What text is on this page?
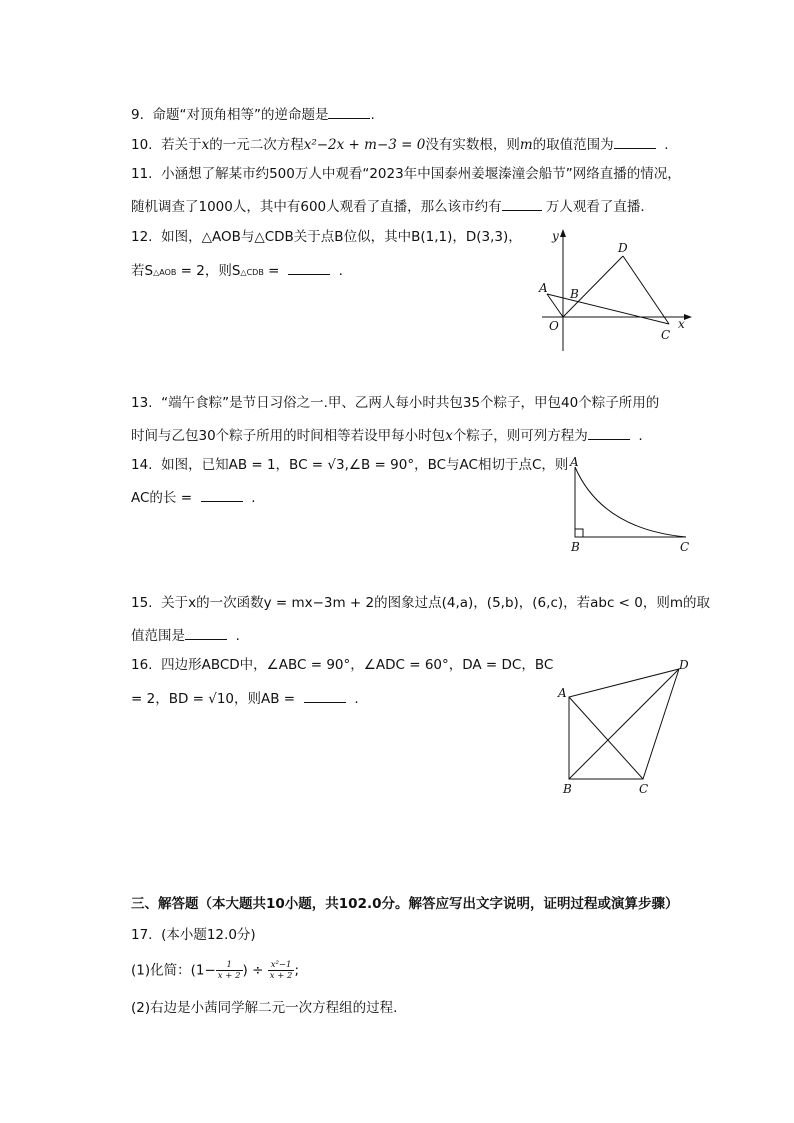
9. 命题“对顶角相等”的逆命题是	.
10. 若关于x的一元二次方程x²−2x + m−3 = 0没有实数根，则m的取值范围为	.
11. 小涵想了解某市约500万人中观看“2023年中国泰州姜堰溱潼会船节”网络直播的情况，
随机调查了1000人，其中有600人观看了直播，那么该市约有	万人观看了直播.
12. 如图，△AOB与△CDB关于点B位似，其中B(1,1)，D(3,3)，
若S△AOB = 2，则S△CDB =	.
y
x
D
A B
O
C
13. “端午食粽”是节日习俗之一.甲、乙两人每小时共包35个粽子，甲包40个粽子所用的
时间与乙包30个粽子所用的时间相等若设甲每小时包x个粽子，则可列方程为	.
14. 如图，已知AB = 1，BC = √3,∠B = 90°，BC与AC相切于点C，则
AC的长 =	.
A
B	C
15. 关于x的一次函数y = mx−3m + 2的图象过点(4,a)，(5,b)，(6,c)，若abc < 0，则m的取
值范围是	.
16. 四边形ABCD中，∠ABC = 90°，∠ADC = 60°，DA = DC，BC
= 2，BD = √10，则AB =	.	A
B	C
D
三、解答题（本大题共10小题，共102.0分。解答应写出文字说明，证明过程或演算步骤）
17. (本小题12.0分)
(1)化简：($1- \frac{1}{x + 2}$ ) ÷ $\frac{\text{x²−1}}{x + 2}$ ;
(2)右边是小茜同学解二元一次方程组的过程.
